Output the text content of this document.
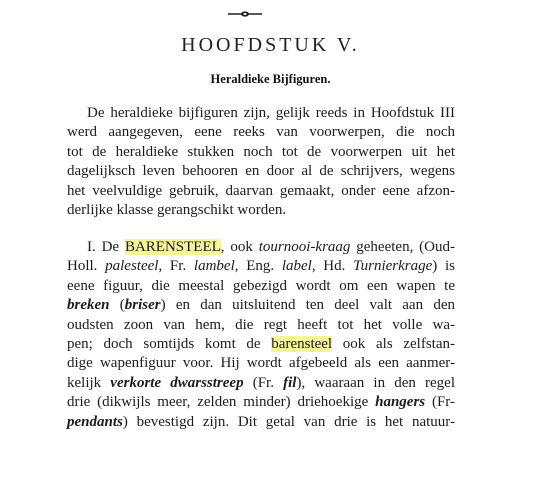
HOOFDSTUK V.
Heraldieke Bijfiguren.
De heraldieke bijfiguren zijn, gelijk reeds in Hoofdstuk III
werd aangegeven, eene reeks van voorwerpen, die noch
tot de heraldieke stukken noch tot de voorwerpen uit het
dagelijksch leven behooren en door al de schrijvers, wegens
het veelvuldige gebruik, daarvan gemaakt, onder eene afzon-
derlijke klasse gerangschikt worden.
I. De BARENSTEEL, ook tournooi-kraag geheeten, (Oud-
Holl. palesteel, Fr. lambel, Eng. label, Hd. Turnierkrage) is
eene figuur, die meestal gebezigd wordt om een wapen te
breken (briser) en dan uitsluitend ten deel valt aan den
oudsten zoon van hem, die regt heeft tot het volle wa-
pen; doch somtijds komt de barensteel ook als zelfstan-
dige wapenfiguur voor. Hij wordt afgebeeld als een aanmer-
kelijk verkorte dwarsstreep (Fr. fil), waaraan in den regel
drie (dikwijls meer, zelden minder) driehoekige hangers (Fr-
pendants) bevestigd zijn. Dit getal van drie is het natuur-
